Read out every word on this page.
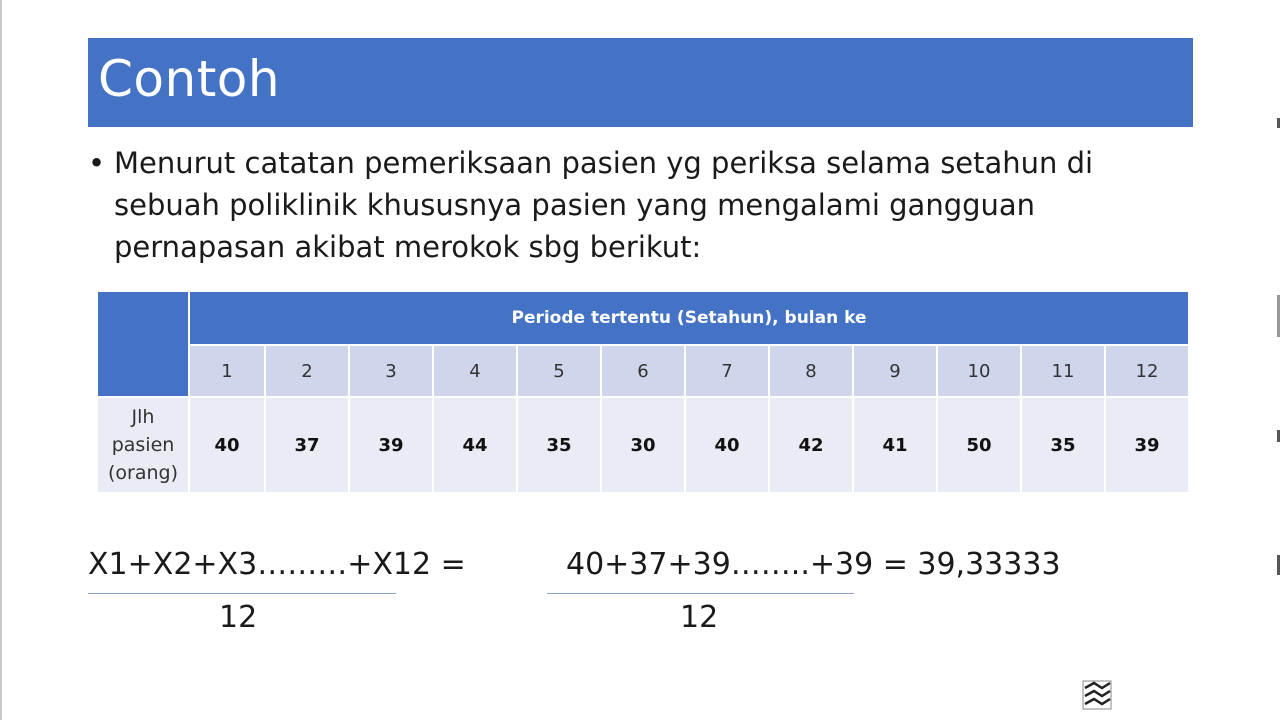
Contoh
• Menurut catatan pemeriksaan pasien yg periksa selama setahun di sebuah poliklinik khususnya pasien yang mengalami gangguan pernapasan akibat merokok sbg berikut:
	Periode tertentu (Setahun), bulan ke											
	1	2	3	4	5	6	7	8	9	10	11	12

Jlh
pasien
(orang)	40	37	39	44	35	30	40	42	41	50	35	39
X1+X2+X3………+X12 =
12
40+37+39……..+39 = 39,33333
12
